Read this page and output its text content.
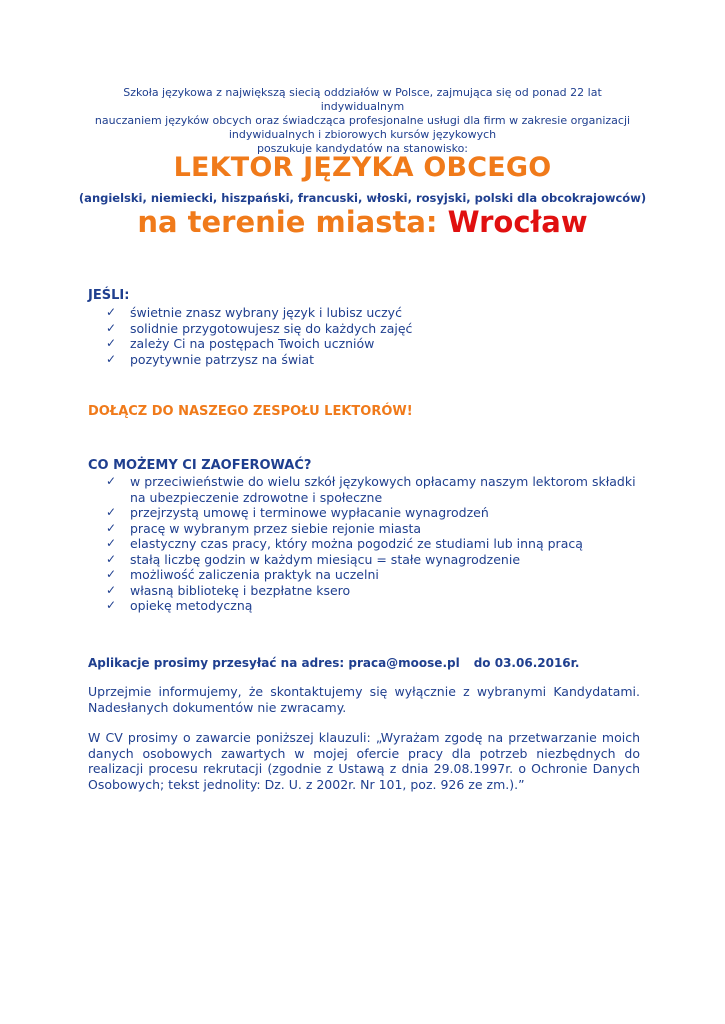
Szkoła językowa z największą siecią oddziałów w Polsce, zajmująca się od ponad 22 lat indywidualnym
nauczaniem języków obcych oraz świadcząca profesjonalne usługi dla firm w zakresie organizacji
indywidualnych i zbiorowych kursów językowych
poszukuje kandydatów na stanowisko:
LEKTOR JĘZYKA OBCEGO
(angielski, niemiecki, hiszpański, francuski, włoski, rosyjski, polski dla obcokrajowców)
na terenie miasta: Wrocław
JEŚLI:
✓ świetnie znasz wybrany język i lubisz uczyć
✓ solidnie przygotowujesz się do każdych zajęć
✓ zależy Ci na postępach Twoich uczniów
✓ pozytywnie patrzysz na świat
DOŁĄCZ DO NASZEGO ZESPOŁU LEKTORÓW!
CO MOŻEMY CI ZAOFEROWAĆ?
✓ w przeciwieństwie do wielu szkół językowych opłacamy naszym lektorom składki na ubezpieczenie zdrowotne i społeczne
✓ przejrzystą umowę i terminowe wypłacanie wynagrodzeń
✓ pracę w wybranym przez siebie rejonie miasta
✓ elastyczny czas pracy, który można pogodzić ze studiami lub inną pracą
✓ stałą liczbę godzin w każdym miesiącu = stałe wynagrodzenie
✓ możliwość zaliczenia praktyk na uczelni
✓ własną bibliotekę i bezpłatne ksero
✓ opiekę metodyczną
Aplikacje prosimy przesyłać na adres: praca@moose.pl do 03.06.2016r.
Uprzejmie informujemy, że skontaktujemy się wyłącznie z wybranymi Kandydatami. Nadesłanych dokumentów nie zwracamy.
W CV prosimy o zawarcie poniższej klauzuli: „Wyrażam zgodę na przetwarzanie moich danych osobowych zawartych w mojej ofercie pracy dla potrzeb niezbędnych do realizacji procesu rekrutacji (zgodnie z Ustawą z dnia 29.08.1997r. o Ochronie Danych Osobowych; tekst jednolity: Dz. U. z 2002r. Nr 101, poz. 926 ze zm.).”
